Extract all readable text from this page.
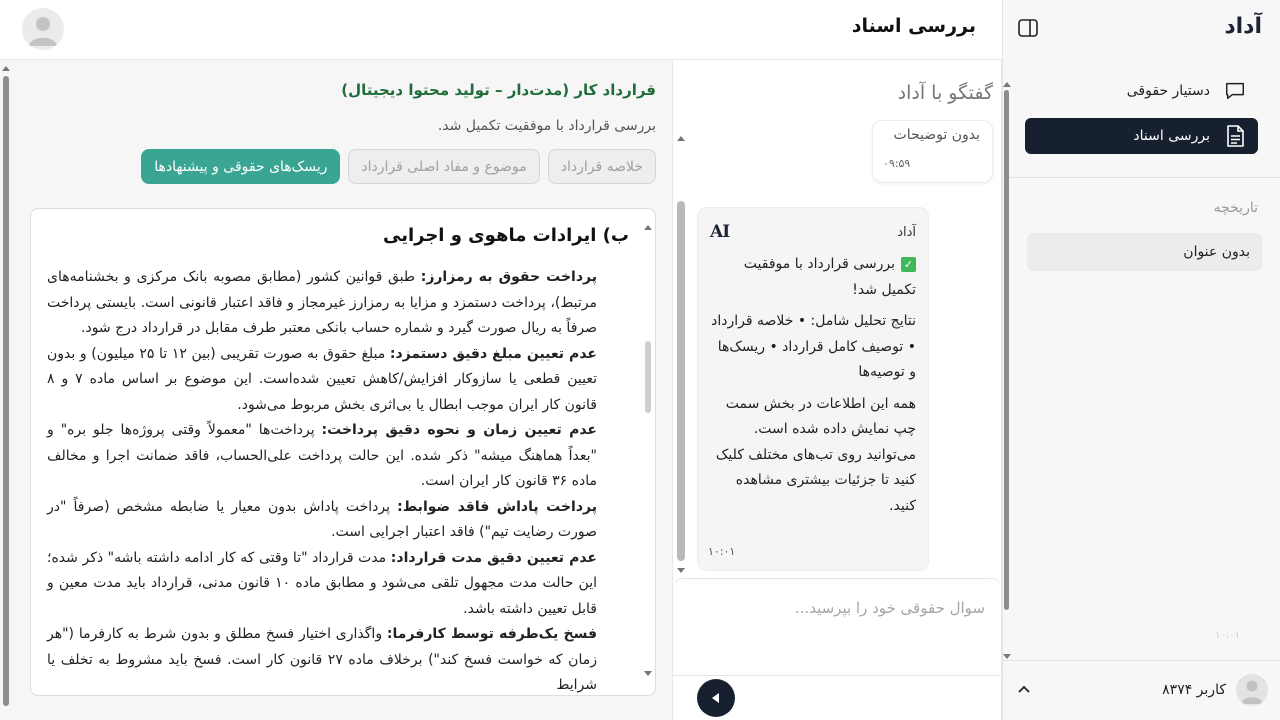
بررسی اسناد	آداد
دستیار حقوقی
بررسی اسناد
تاریخچه
بدون عنوان
۱۰:۰۱
کاربر ۸۳۷۴
قرارداد کار (مدت‌دار – تولید محتوا دیجیتال)
بررسی قرارداد با موفقیت تکمیل شد.
خلاصه قرارداد
موضوع و مفاد اصلی قرارداد
ریسک‌های حقوقی و پیشنهادها
ب) ایرادات ماهوی و اجرایی
پرداخت حقوق به رمزارز: طبق قوانین کشور (مطابق مصوبه بانک مرکزی و بخشنامه‌های مرتبط)، پرداخت دستمزد و مزایا به رمزارز غیرمجاز و فاقد اعتبار قانونی است. بایستی پرداخت صرفاً به ریال صورت گیرد و شماره حساب بانکی معتبر طرف مقابل در قرارداد درج شود.
عدم تعیین مبلغ دقیق دستمزد: مبلغ حقوق به صورت تقریبی (بین ۱۲ تا ۲۵ میلیون) و بدون تعیین قطعی یا سازوکار افزایش/کاهش تعیین شده‌است. این موضوع بر اساس ماده ۷ و ۸ قانون کار ایران موجب ابطال یا بی‌اثری بخش مربوط می‌شود.
عدم تعیین زمان و نحوه دقیق پرداخت: پرداخت‌ها "معمولاً وقتی پروژه‌ها جلو بره" و "بعداً هماهنگ میشه" ذکر شده. این حالت پرداخت علی‌الحساب، فاقد ضمانت اجرا و مخالف ماده ۳۶ قانون کار ایران است.
پرداخت پاداش فاقد ضوابط: پرداخت پاداش بدون معیار یا ضابطه مشخص (صرفاً "در صورت رضایت تیم") فاقد اعتبار اجرایی است.
عدم تعیین دقیق مدت قرارداد: مدت قرارداد "تا وقتی که کار ادامه داشته باشه" ذکر شده؛ این حالت مدت مجهول تلقی می‌شود و مطابق ماده ۱۰ قانون مدنی، قرارداد باید مدت معین و قابل تعیین داشته باشد.
فسخ یک‌طرفه توسط کارفرما: واگذاری اختیار فسخ مطلق و بدون شرط به کارفرما ("هر زمان که خواست فسخ کند") برخلاف ماده ۲۷ قانون کار است. فسخ باید مشروط به تخلف یا شرایط
گفتگو با آداد
بدون توضیحات
۰۹:۵۹
آداد
AI

✓بررسی قرارداد با موفقیت تکمیل شد!

نتایج تحلیل شامل: • خلاصه قرارداد • توصیف کامل قرارداد • ریسک‌ها و توصیه‌ها

همه این اطلاعات در بخش سمت چپ نمایش داده شده است. می‌توانید روی تب‌های مختلف کلیک کنید تا جزئیات بیشتری مشاهده کنید.

۱۰:۰۱
سوال حقوقی خود را بپرسید...
